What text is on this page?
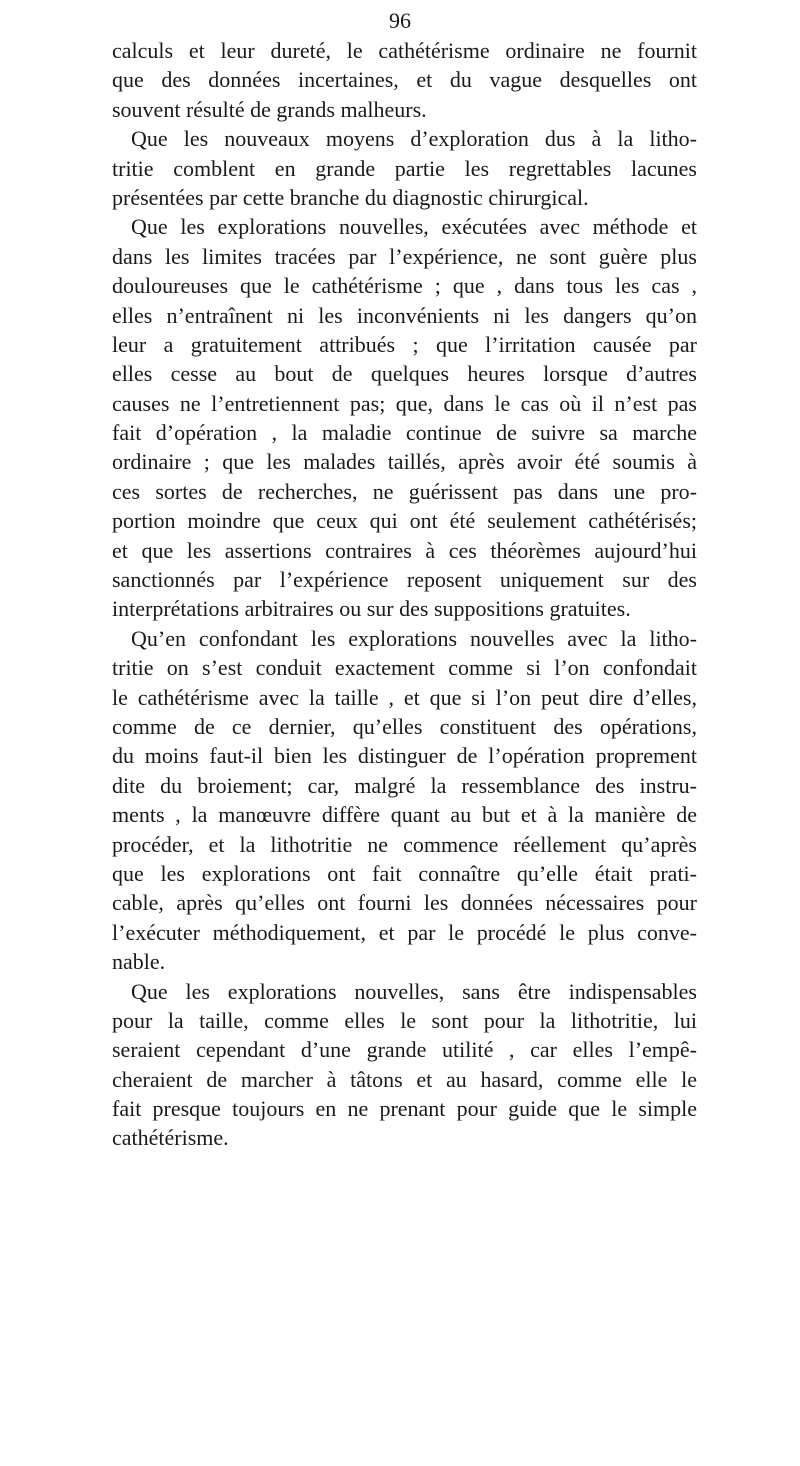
96
calculs et leur dureté, le cathétérisme ordinaire ne fournit
que des données incertaines, et du vague desquelles ont
souvent résulté de grands malheurs.
Que les nouveaux moyens d’exploration dus à la litho-
tritie comblent en grande partie les regrettables lacunes
présentées par cette branche du diagnostic chirurgical.
Que les explorations nouvelles, exécutées avec méthode et
dans les limites tracées par l’expérience, ne sont guère plus
douloureuses que le cathétérisme ; que , dans tous les cas ,
elles n’entraînent ni les inconvénients ni les dangers qu’on
leur a gratuitement attribués ; que l’irritation causée par
elles cesse au bout de quelques heures lorsque d’autres
causes ne l’entretiennent pas; que, dans le cas où il n’est pas
fait d’opération , la maladie continue de suivre sa marche
ordinaire ; que les malades taillés, après avoir été soumis à
ces sortes de recherches, ne guérissent pas dans une pro-
portion moindre que ceux qui ont été seulement cathétérisés;
et que les assertions contraires à ces théorèmes aujourd’hui
sanctionnés par l’expérience reposent uniquement sur des
interprétations arbitraires ou sur des suppositions gratuites.
Qu’en confondant les explorations nouvelles avec la litho-
tritie on s’est conduit exactement comme si l’on confondait
le cathétérisme avec la taille , et que si l’on peut dire d’elles,
comme de ce dernier, qu’elles constituent des opérations,
du moins faut-il bien les distinguer de l’opération proprement
dite du broiement; car, malgré la ressemblance des instru-
ments , la manœuvre diffère quant au but et à la manière de
procéder, et la lithotritie ne commence réellement qu’après
que les explorations ont fait connaître qu’elle était prati-
cable, après qu’elles ont fourni les données nécessaires pour
l’exécuter méthodiquement, et par le procédé le plus conve-
nable.
Que les explorations nouvelles, sans être indispensables
pour la taille, comme elles le sont pour la lithotritie, lui
seraient cependant d’une grande utilité , car elles l’empê-
cheraient de marcher à tâtons et au hasard, comme elle le
fait presque toujours en ne prenant pour guide que le simple
cathétérisme.
